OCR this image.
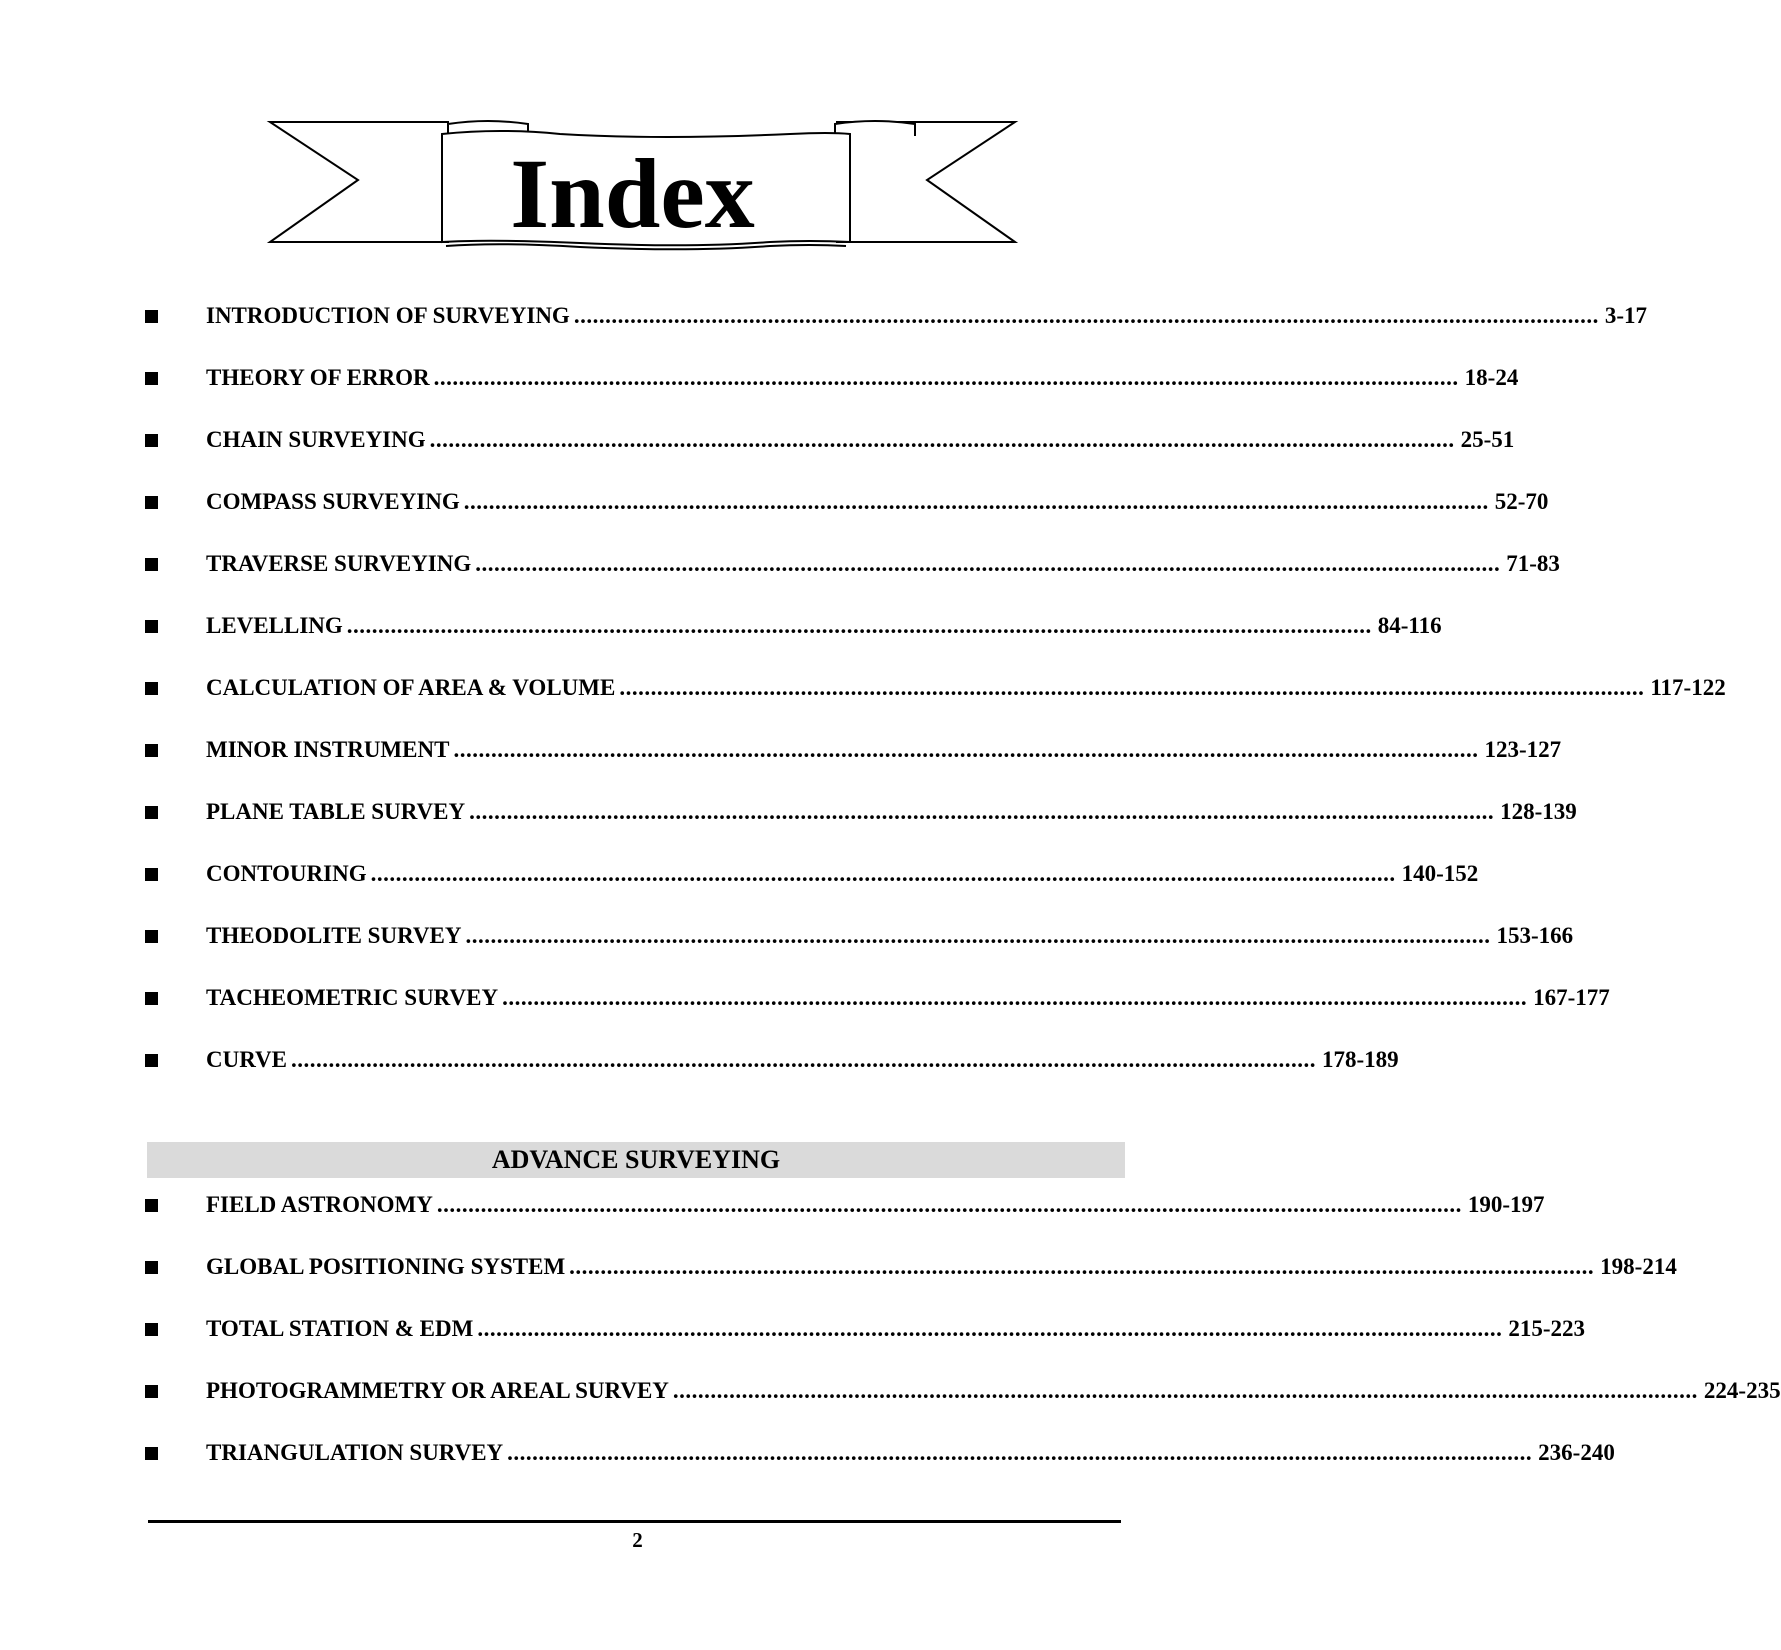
Index
INTRODUCTION OF SURVEYING .................................................................................................................................................................... 3-17
THEORY OF ERROR .................................................................................................................................................................... 18-24
CHAIN SURVEYING .................................................................................................................................................................... 25-51
COMPASS SURVEYING .................................................................................................................................................................... 52-70
TRAVERSE SURVEYING .................................................................................................................................................................... 71-83
LEVELLING .................................................................................................................................................................... 84-116
CALCULATION OF AREA & VOLUME .................................................................................................................................................................... 117-122
MINOR INSTRUMENT .................................................................................................................................................................... 123-127
PLANE TABLE SURVEY .................................................................................................................................................................... 128-139
CONTOURING .................................................................................................................................................................... 140-152
THEODOLITE SURVEY .................................................................................................................................................................... 153-166
TACHEOMETRIC SURVEY .................................................................................................................................................................... 167-177
CURVE .................................................................................................................................................................... 178-189
ADVANCE SURVEYING
FIELD ASTRONOMY .................................................................................................................................................................... 190-197
GLOBAL POSITIONING SYSTEM .................................................................................................................................................................... 198-214
TOTAL STATION & EDM .................................................................................................................................................................... 215-223
PHOTOGRAMMETRY OR AREAL SURVEY .................................................................................................................................................................... 224-235
TRIANGULATION SURVEY .................................................................................................................................................................... 236-240
2
